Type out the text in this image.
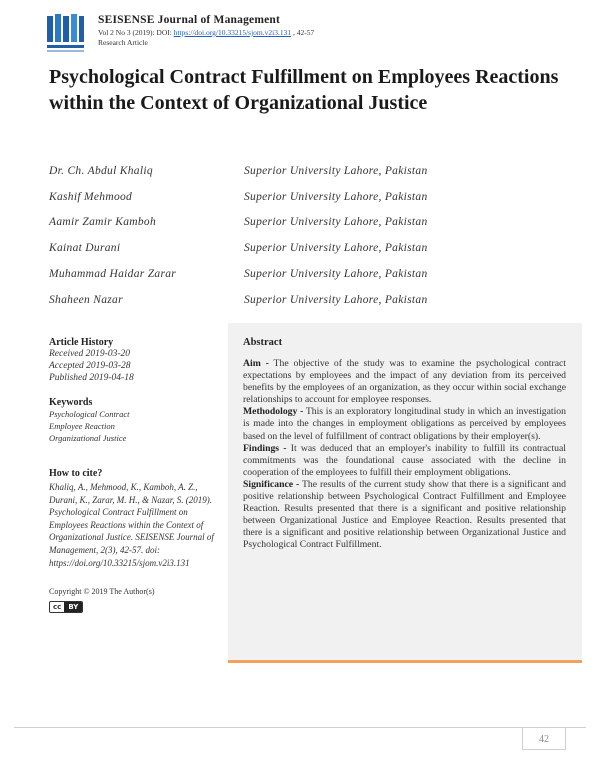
SEISENSE Journal of Management
Vol 2 No 3 (2019): DOI: https://doi.org/10.33215/sjom.v2i3.131 , 42-57
Research Article
Psychological Contract Fulfillment on Employees Reactions within the Context of Organizational Justice
Dr. Ch. Abdul Khaliq	Superior University Lahore, Pakistan
Kashif Mehmood	Superior University Lahore, Pakistan
Aamir Zamir Kamboh	Superior University Lahore, Pakistan
Kainat Durani	Superior University Lahore, Pakistan
Muhammad Haidar Zarar	Superior University Lahore, Pakistan
Shaheen Nazar	Superior University Lahore, Pakistan
Article History
Received 2019-03-20
Accepted 2019-03-28
Published 2019-04-18
Keywords
Psychological Contract
Employee Reaction
Organizational Justice
How to cite?
Khaliq, A., Mehmood, K., Kamboh, A. Z., Durani, K., Zarar, M. H., & Nazar, S. (2019). Psychological Contract Fulfillment on Employees Reactions within the Context of Organizational Justice. SEISENSE Journal of Management, 2(3), 42-57. doi: https://doi.org/10.33215/sjom.v2i3.131
Copyright © 2019 The Author(s)
cc	BY
Abstract

Aim - The objective of the study was to examine the psychological contract expectations by employees and the impact of any deviation from its perceived benefits by the employees of an organization, as they occur within social exchange relationships to account for employee responses.

Methodology - This is an exploratory longitudinal study in which an investigation is made into the changes in employment obligations as perceived by employees based on the level of fulfillment of contract obligations by their employer(s).

Findings - It was deduced that an employer's inability to fulfill its contractual commitments was the foundational cause associated with the decline in cooperation of the employees to fulfill their employment obligations.

Significance - The results of the current study show that there is a significant and positive relationship between Psychological Contract Fulfillment and Employee Reaction. Results presented that there is a significant and positive relationship between Organizational Justice and Employee Reaction. Results presented that there is a significant and positive relationship between Organizational Justice and Psychological Contract Fulfillment.

42
